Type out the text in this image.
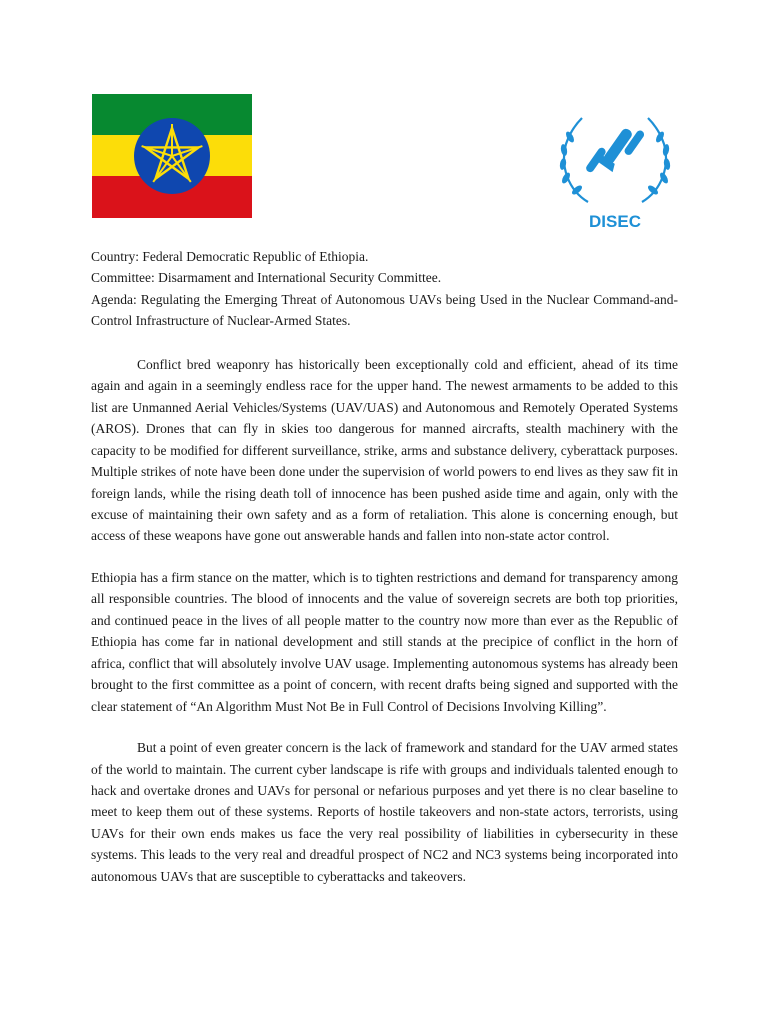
DISEC

Country: Federal Democratic Republic of Ethiopia.

Committee: Disarmament and International Security Committee.

Agenda: Regulating the Emerging Threat of Autonomous UAVs being Used in the Nuclear Command-and-Control Infrastructure of Nuclear-Armed States.

Conflict bred weaponry has historically been exceptionally cold and efficient, ahead of its time again and again in a seemingly endless race for the upper hand. The newest armaments to be added to this list are Unmanned Aerial Vehicles/Systems (UAV/UAS) and Autonomous and Remotely Operated Systems (AROS). Drones that can fly in skies too dangerous for manned aircrafts, stealth machinery with the capacity to be modified for different surveillance, strike, arms and substance delivery, cyberattack purposes. Multiple strikes of note have been done under the supervision of world powers to end lives as they saw fit in foreign lands, while the rising death toll of innocence has been pushed aside time and again, only with the excuse of maintaining their own safety and as a form of retaliation. This alone is concerning enough, but access of these weapons have gone out answerable hands and fallen into non-state actor control.

Ethiopia has a firm stance on the matter, which is to tighten restrictions and demand for transparency among all responsible countries. The blood of innocents and the value of sovereign secrets are both top priorities, and continued peace in the lives of all people matter to the country now more than ever as the Republic of Ethiopia has come far in national development and still stands at the precipice of conflict in the horn of africa, conflict that will absolutely involve UAV usage. Implementing autonomous systems has already been brought to the first committee as a point of concern, with recent drafts being signed and supported with the clear statement of “An Algorithm Must Not Be in Full Control of Decisions Involving Killing”.

But a point of even greater concern is the lack of framework and standard for the UAV armed states of the world to maintain. The current cyber landscape is rife with groups and individuals talented enough to hack and overtake drones and UAVs for personal or nefarious purposes and yet there is no clear baseline to meet to keep them out of these systems. Reports of hostile takeovers and non-state actors, terrorists, using UAVs for their own ends makes us face the very real possibility of liabilities in cybersecurity in these systems. This leads to the very real and dreadful prospect of NC2 and NC3 systems being incorporated into autonomous UAVs that are susceptible to cyberattacks and takeovers.
